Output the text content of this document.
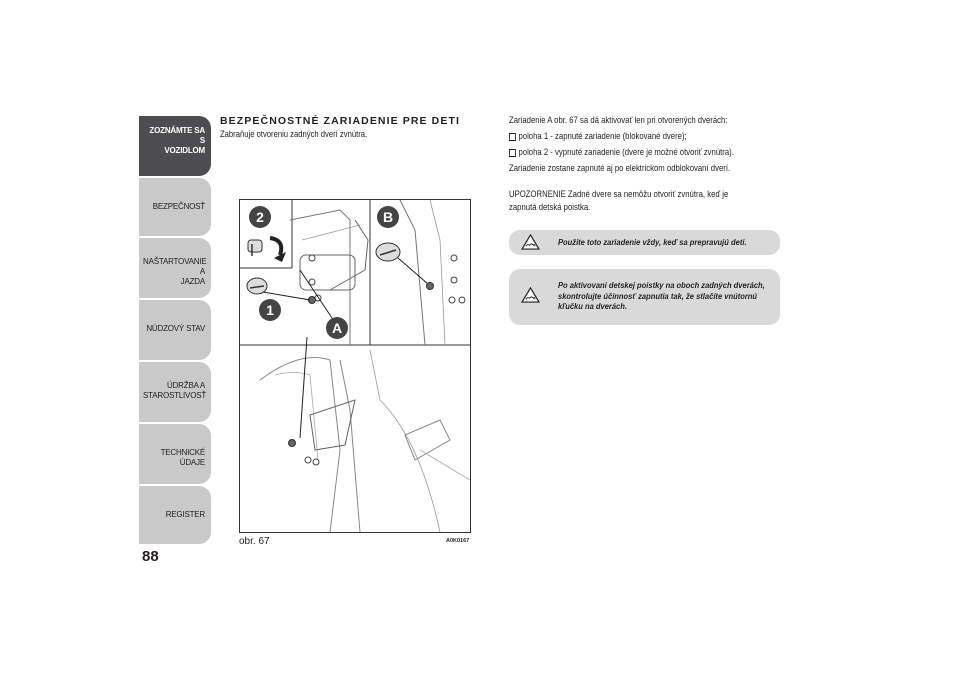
ZOZNÁMTE SA S
VOZIDLOM
BEZPEČNOSŤ
NAŠTARTOVANIE A
JAZDA
NÚDZOVÝ STAV
ÚDRŽBA A
STAROSTLIVOSŤ
TECHNICKÉ ÚDAJE
REGISTER
88
BEZPEČNOSTNÉ ZARIADENIE PRE DETI
Zabraňuje otvoreniu zadných dverí zvnútra.
2
1
A
B
obr. 67	A0K0167
Zariadenie A obr. 67 sa dá aktivovať len pri otvorených dverách:
poloha 1 - zapnuté zariadenie (blokované dvere);
poloha 2 - vypnuté zariadenie (dvere je možné otvoriť zvnútra).
Zariadenie zostane zapnuté aj po elektrickom odblokovaní dverí.
UPOZORNENIE Zadné dvere sa nemôžu otvoriť zvnútra, keď je
zapnutá detská poistka.
Použite toto zariadenie vždy, keď sa prepravujú deti.
Po aktivovaní detskej poistky na oboch zadných dverách,
skontrolujte účinnosť zapnutia tak, že stlačíte vnútornú
kľučku na dverách.
